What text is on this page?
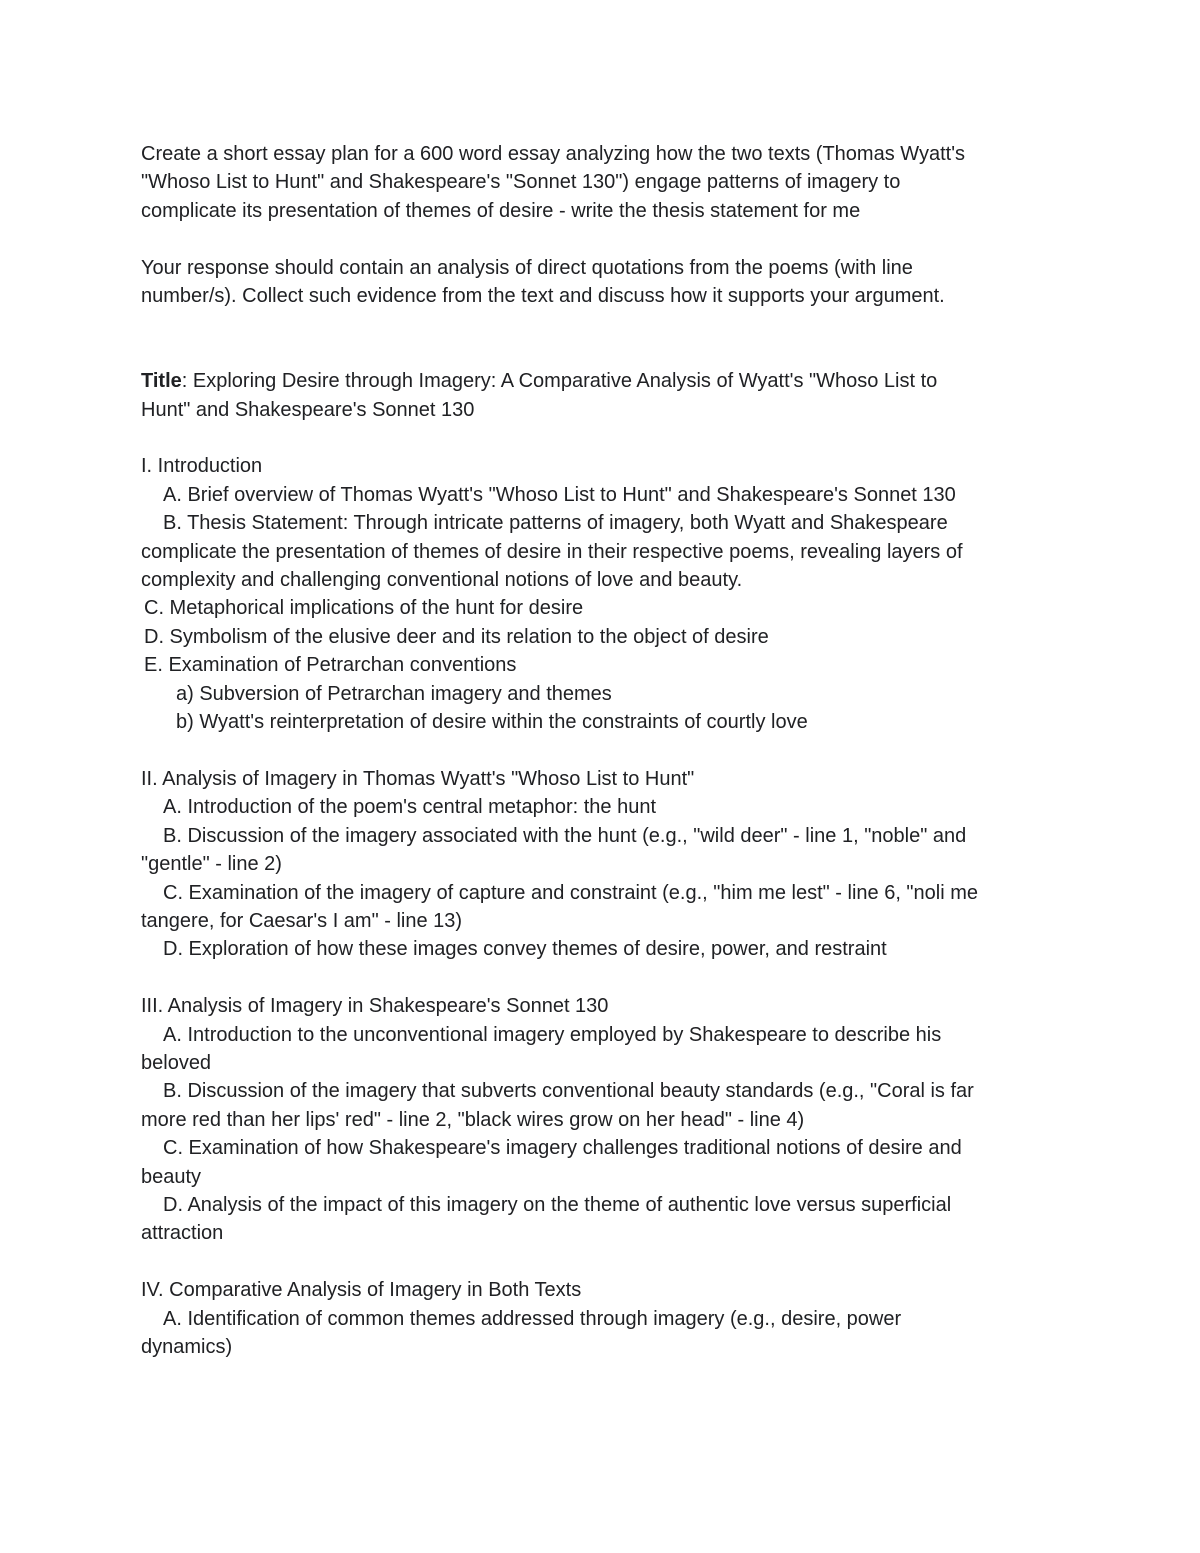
Create a short essay plan for a 600 word essay analyzing how the two texts (Thomas Wyatt's

"Whoso List to Hunt" and Shakespeare's "Sonnet 130") engage patterns of imagery to

complicate its presentation of themes of desire - write the thesis statement for me

Your response should contain an analysis of direct quotations from the poems (with line

number/s). Collect such evidence from the text and discuss how it supports your argument.

Title: Exploring Desire through Imagery: A Comparative Analysis of Wyatt's "Whoso List to

Hunt" and Shakespeare's Sonnet 130

I. Introduction

A. Brief overview of Thomas Wyatt's "Whoso List to Hunt" and Shakespeare's Sonnet 130

B. Thesis Statement: Through intricate patterns of imagery, both Wyatt and Shakespeare

complicate the presentation of themes of desire in their respective poems, revealing layers of

complexity and challenging conventional notions of love and beauty.

C. Metaphorical implications of the hunt for desire

D. Symbolism of the elusive deer and its relation to the object of desire

E. Examination of Petrarchan conventions

a) Subversion of Petrarchan imagery and themes

b) Wyatt's reinterpretation of desire within the constraints of courtly love

II. Analysis of Imagery in Thomas Wyatt's "Whoso List to Hunt"

A. Introduction of the poem's central metaphor: the hunt

B. Discussion of the imagery associated with the hunt (e.g., "wild deer" - line 1, "noble" and

"gentle" - line 2)

C. Examination of the imagery of capture and constraint (e.g., "him me lest" - line 6, "noli me

tangere, for Caesar's I am" - line 13)

D. Exploration of how these images convey themes of desire, power, and restraint

III. Analysis of Imagery in Shakespeare's Sonnet 130

A. Introduction to the unconventional imagery employed by Shakespeare to describe his

beloved

B. Discussion of the imagery that subverts conventional beauty standards (e.g., "Coral is far

more red than her lips' red" - line 2, "black wires grow on her head" - line 4)

C. Examination of how Shakespeare's imagery challenges traditional notions of desire and

beauty

D. Analysis of the impact of this imagery on the theme of authentic love versus superficial

attraction

IV. Comparative Analysis of Imagery in Both Texts

A. Identification of common themes addressed through imagery (e.g., desire, power

dynamics)
